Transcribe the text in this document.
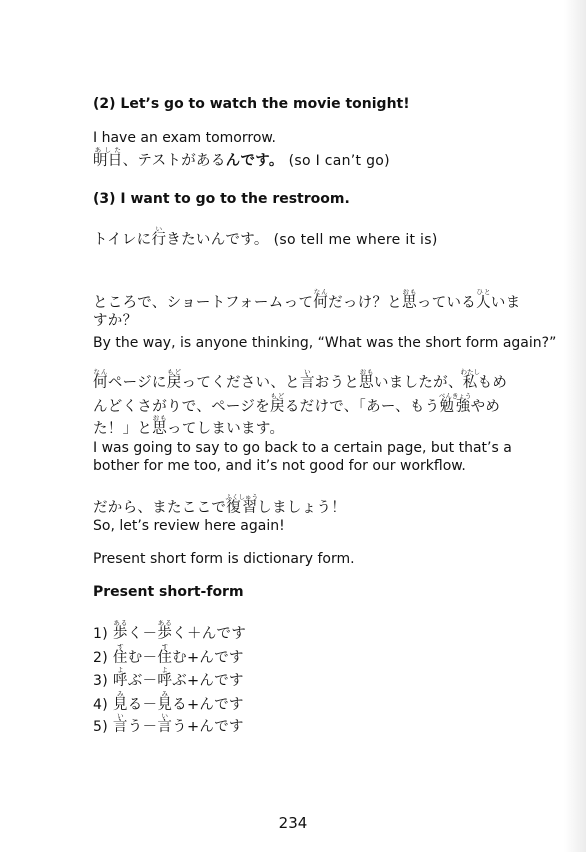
(2) Let’s go to watch the movie tonight!
I have an exam tomorrow.
明日あした、テストがあるんです。 (so I can’t go)
(3) I want to go to the restroom.
トイレに行いきたいんです。 (so tell me where it is)
ところで、ショートフォームって何なんだっけ？と思おもっている人ひといま
すか？
By the way, is anyone thinking, “What was the short form again?”
何なんページに戻もどってください、と言いおうと思おもいましたが、私わたしもめ
んどくさがりで、ページを戻もどるだけで、「あー、もう勉強べんきょうやめ
た！」と思おもってしまいます。
I was going to say to go back to a certain page, but that’s a
bother for me too, and it’s not good for our workflow.
だから、またここで復習ふくしゅうしましょう！
So, let’s review here again!
Present short form is dictionary form.
Present short-form
1) 歩あるく－歩あるく＋んです
2) 住すむ－住すむ+んです
3) 呼よぶ－呼よぶ+んです
4) 見みる－見みる+んです
5) 言いう－言いう+んです
234
